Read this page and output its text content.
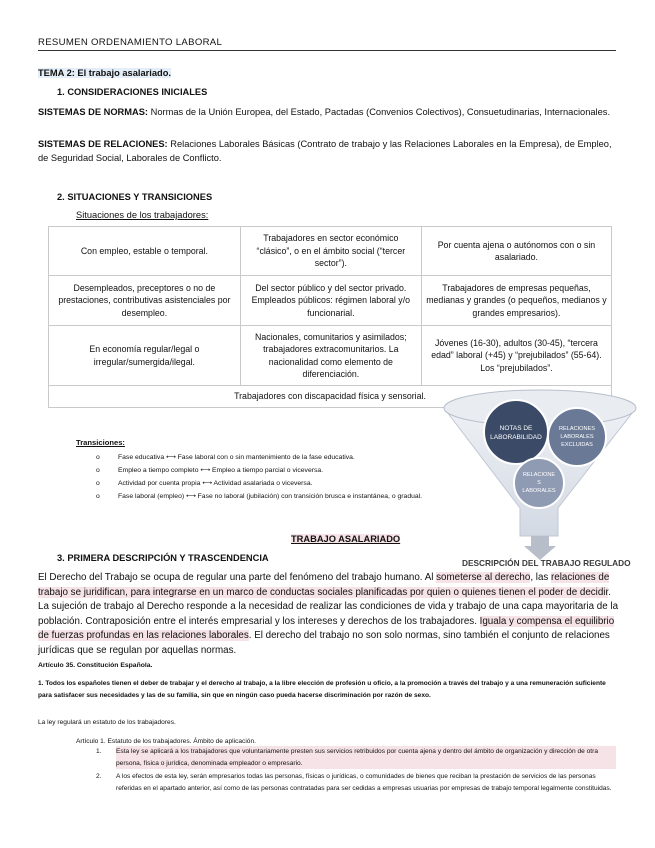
RESUMEN ORDENAMIENTO LABORAL
TEMA 2: El trabajo asalariado.
1. CONSIDERACIONES INICIALES
SISTEMAS DE NORMAS: Normas de la Unión Europea, del Estado, Pactadas (Convenios Colectivos), Consuetudinarias, Internacionales.
SISTEMAS DE RELACIONES: Relaciones Laborales Básicas (Contrato de trabajo y las Relaciones Laborales en la Empresa), de Empleo, de Seguridad Social, Laborales de Conflicto.
2. SITUACIONES Y TRANSICIONES
Situaciones de los trabajadores:
Con empleo, estable o temporal.	Trabajadores en sector económico “clásico”, o en el ámbito social (“tercer sector”).	Por cuenta ajena o autónomos con o sin asalariado.
Desempleados, preceptores o no de prestaciones, contributivas asistenciales por desempleo.	Del sector público y del sector privado. Empleados públicos: régimen laboral y/o funcionarial.	Trabajadores de empresas pequeñas, medianas y grandes (o pequeños, medianos y grandes empresarios).
En economía regular/legal o irregular/sumergida/ilegal.	Nacionales, comunitarios y asimilados; trabajadores extracomunitarios. La nacionalidad como elemento de diferenciación.	Jóvenes (16-30), adultos (30-45), “tercera edad” laboral (+45) y “prejubilados” (55-64). Los “prejubilados”.
Trabajadores con discapacidad física y sensorial.		
NOTAS DE LABORABILIDAD
RELACIONES LABORALES EXCLUIDAS
RELACIONE S LABORALES
DESCRIPCIÓN DEL TRABAJO REGULADO
Transiciones:
o	Fase educativa ⟷ Fase laboral con o sin mantenimiento de la fase educativa.
o	Empleo a tiempo completo ⟷ Empleo a tiempo parcial o viceversa.
o	Actividad por cuenta propia ⟷ Actividad asalariada o viceversa.
o	Fase laboral (empleo) ⟷ Fase no laboral (jubilación) con transición brusca e instantánea, o gradual.
TRABAJO ASALARIADO
3. PRIMERA DESCRIPCIÓN Y TRASCENDENCIA
El Derecho del Trabajo se ocupa de regular una parte del fenómeno del trabajo humano. Al someterse al derecho, las relaciones de trabajo se juridifican, para integrarse en un marco de conductas sociales planificadas por quien o quienes tienen el poder de decidir. La sujeción de trabajo al Derecho responde a la necesidad de realizar las condiciones de vida y trabajo de una capa mayoritaria de la población. Contraposición entre el interés empresarial y los intereses y derechos de los trabajadores. Iguala y compensa el equilibrio de fuerzas profundas en las relaciones laborales. El derecho del trabajo no son solo normas, sino también el conjunto de relaciones jurídicas que se regulan por aquellas normas.
Artículo 35. Constitución Española.
1. Todos los españoles tienen el deber de trabajar y el derecho al trabajo, a la libre elección de profesión u oficio, a la promoción a través del trabajo y a una remuneración suficiente para satisfacer sus necesidades y las de su familia, sin que en ningún caso pueda hacerse discriminación por razón de sexo.
La ley regulará un estatuto de los trabajadores.
Artículo 1. Estatuto de los trabajadores. Ámbito de aplicación.
1. Esta ley se aplicará a los trabajadores que voluntariamente presten sus servicios retribuidos por cuenta ajena y dentro del ámbito de organización y dirección de otra persona, física o jurídica, denominada empleador o empresario.
2. A los efectos de esta ley, serán empresarios todas las personas, físicas o jurídicas, o comunidades de bienes que reciban la prestación de servicios de las personas referidas en el apartado anterior, así como de las personas contratadas para ser cedidas a empresas usuarias por empresas de trabajo temporal legalmente constituidas.
